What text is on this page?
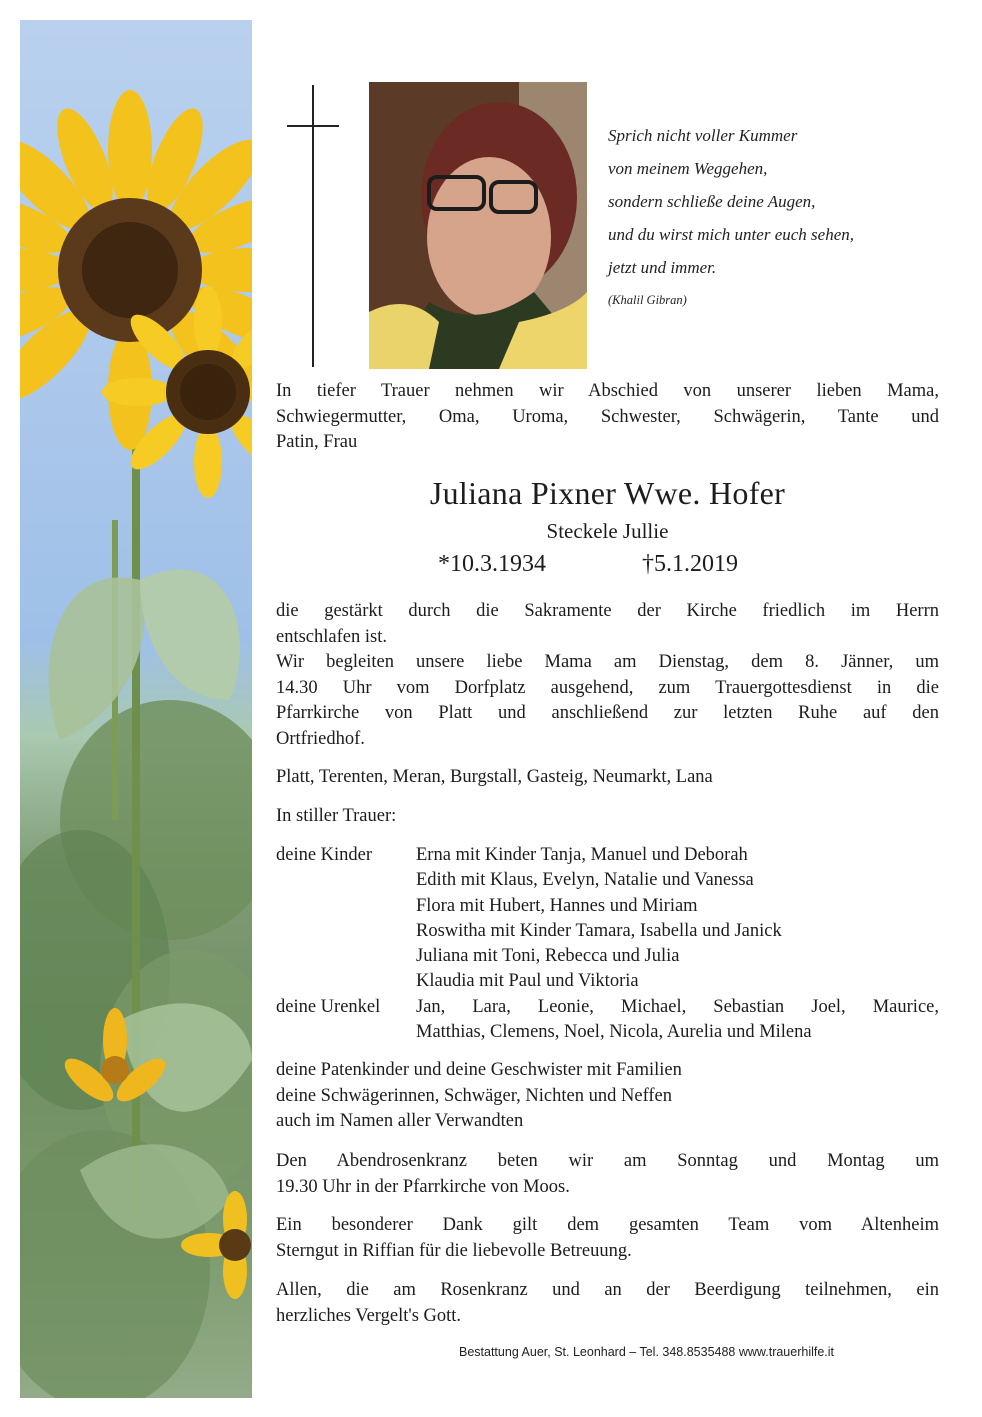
Sprich nicht voller Kummer

von meinem Weggehen,

sondern schließe deine Augen,

und du wirst mich unter euch sehen,

jetzt und immer.

(Khalil Gibran)

In tiefer Trauer nehmen wir Abschied von unserer lieben Mama,

Schwiegermutter, Oma, Uroma, Schwester, Schwägerin, Tante und

Patin, Frau

Juliana Pixner Wwe. Hofer
Steckele Jullie
*10.3.1934	†5.1.2019

die gestärkt durch die Sakramente der Kirche friedlich im Herrn

entschlafen ist.

Wir begleiten unsere liebe Mama am Dienstag, dem 8. Jänner, um

14.30 Uhr vom Dorfplatz ausgehend, zum Trauergottesdienst in die

Pfarrkirche von Platt und anschließend zur letzten Ruhe auf den

Ortfriedhof.

Platt, Terenten, Meran, Burgstall, Gasteig, Neumarkt, Lana

In stiller Trauer:

deine Kinder Erna mit Kinder Tanja, Manuel und Deborah
Edith mit Klaus, Evelyn, Natalie und Vanessa
Flora mit Hubert, Hannes und Miriam
Roswitha mit Kinder Tamara, Isabella und Janick
Juliana mit Toni, Rebecca und Julia
Klaudia mit Paul und Viktoria
deine Urenkel Jan, Lara, Leonie, Michael, Sebastian Joel, Maurice,
Matthias, Clemens, Noel, Nicola, Aurelia und Milena

deine Patenkinder und deine Geschwister mit Familien

deine Schwägerinnen, Schwäger, Nichten und Neffen

auch im Namen aller Verwandten

Den Abendrosenkranz beten wir am Sonntag und Montag um

19.30 Uhr in der Pfarrkirche von Moos.

Ein besonderer Dank gilt dem gesamten Team vom Altenheim

Sterngut in Riffian für die liebevolle Betreuung.

Allen, die am Rosenkranz und an der Beerdigung teilnehmen, ein

herzliches Vergelt's Gott.

Bestattung Auer, St. Leonhard – Tel. 348.8535488 www.trauerhilfe.it
